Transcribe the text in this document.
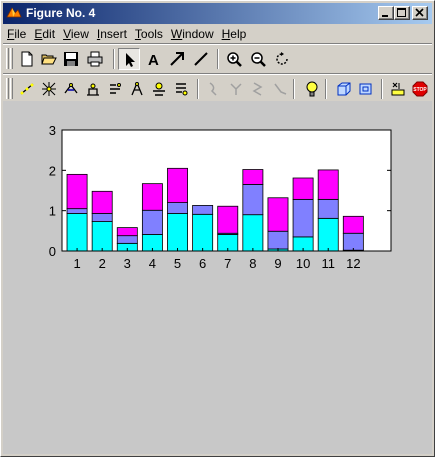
Figure No. 4
File Edit View Insert Tools Window Help
A
STOP
1 2 3 4 5 6 7 8 9 10 11 12
0
1
2
3
